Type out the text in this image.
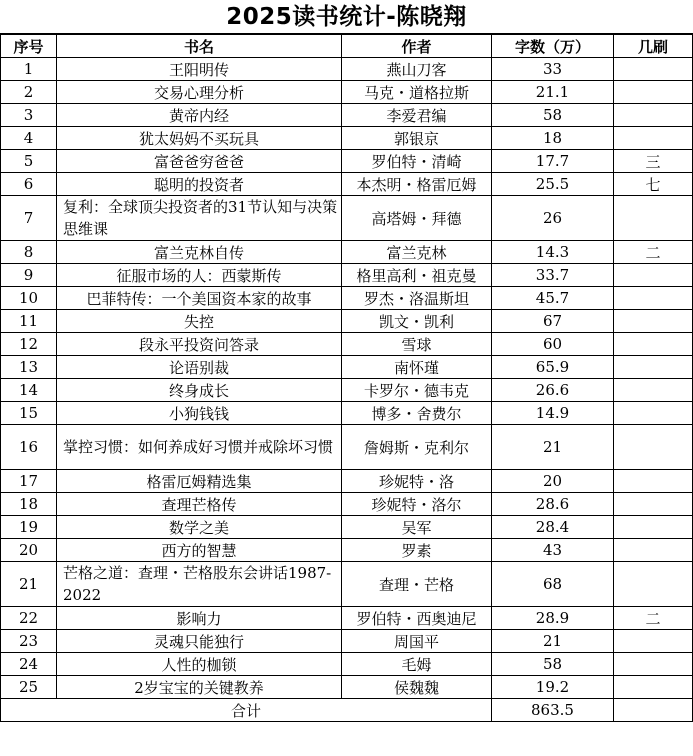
2025读书统计-陈晓翔
序号	书名	作者	字数（万）	几刷
1	王阳明传	燕山刀客	33	
2	交易心理分析	马克・道格拉斯	21.1	
3	黄帝内经	李爱君编	58	
4	犹太妈妈不买玩具	郭银京	18	
5	富爸爸穷爸爸	罗伯特・清崎	17.7	三
6	聪明的投资者	本杰明・格雷厄姆	25.5	七
7	复利：全球顶尖投资者的31节认知与决策思维课	高塔姆・拜德	26	
8	富兰克林自传	富兰克林	14.3	二
9	征服市场的人：西蒙斯传	格里高利・祖克曼	33.7	
10	巴菲特传：一个美国资本家的故事	罗杰・洛温斯坦	45.7	
11	失控	凯文・凯利	67	
12	段永平投资问答录	雪球	60	
13	论语别裁	南怀瑾	65.9	
14	终身成长	卡罗尔・德韦克	26.6	
15	小狗钱钱	博多・舍费尔	14.9	
16	掌控习惯：如何养成好习惯并戒除坏习惯	詹姆斯・克利尔	21	
17	格雷厄姆精选集	珍妮特・洛	20	
18	查理芒格传	珍妮特・洛尔	28.6	
19	数学之美	吴军	28.4	
20	西方的智慧	罗素	43	
21	芒格之道：查理・芒格股东会讲话1987-2022	查理・芒格	68	
22	影响力	罗伯特・西奥迪尼	28.9	二
23	灵魂只能独行	周国平	21	
24	人性的枷锁	毛姆	58	
25	2岁宝宝的关键教养	侯魏魏	19.2	
合计			863.5	
